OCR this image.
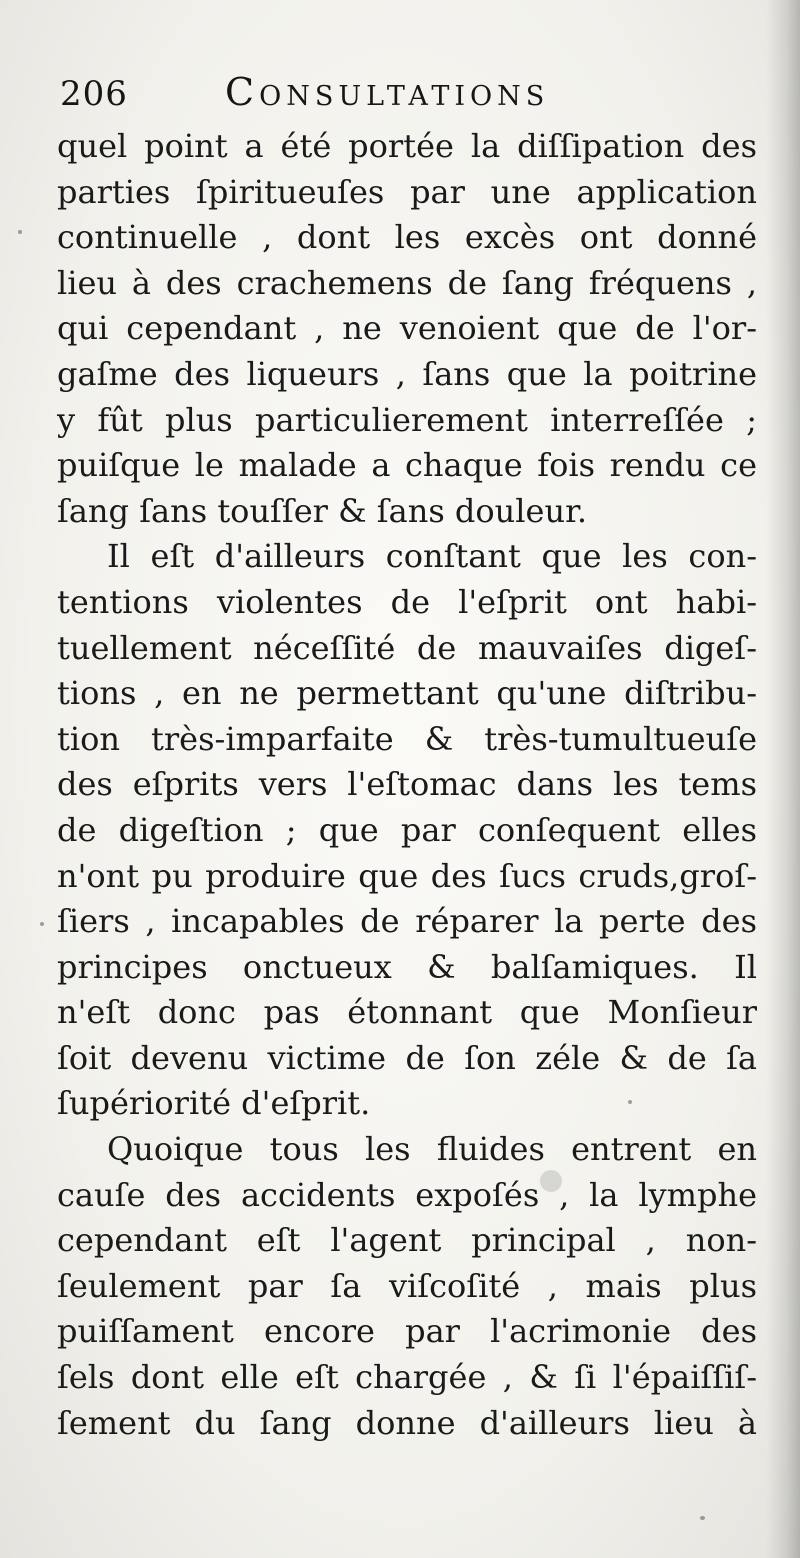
206	Consultations
quel point a été portée la diſſipation des
parties ſpiritueuſes par une application
continuelle , dont les excès ont donné
lieu à des crachemens de ſang fréquens ,
qui cependant , ne venoient que de l'or-
gaſme des liqueurs , ſans que la poitrine
y fût plus particulierement interreſſée ;
puiſque le malade a chaque fois rendu ce
ſang ſans touſſer & ſans douleur.
Il eſt d'ailleurs conſtant que les con-
tentions violentes de l'eſprit ont habi-
tuellement néceſſité de mauvaiſes digeſ-
tions , en ne permettant qu'une diſtribu-
tion très-imparfaite & très-tumultueuſe
des eſprits vers l'eſtomac dans les tems
de digeſtion ; que par conſequent elles
n'ont pu produire que des ſucs cruds,groſ-
ſiers , incapables de réparer la perte des
principes onctueux & balſamiques. Il
n'eſt donc pas étonnant que Monſieur
ſoit devenu victime de ſon zéle & de ſa
ſupériorité d'eſprit.
Quoique tous les fluides entrent en
cauſe des accidents expoſés , la lymphe
cependant eſt l'agent principal , non-
ſeulement par ſa viſcoſité , mais plus
puiſſament encore par l'acrimonie des
ſels dont elle eſt chargée , & ſi l'épaiſſiſ-
ſement du ſang donne d'ailleurs lieu à
